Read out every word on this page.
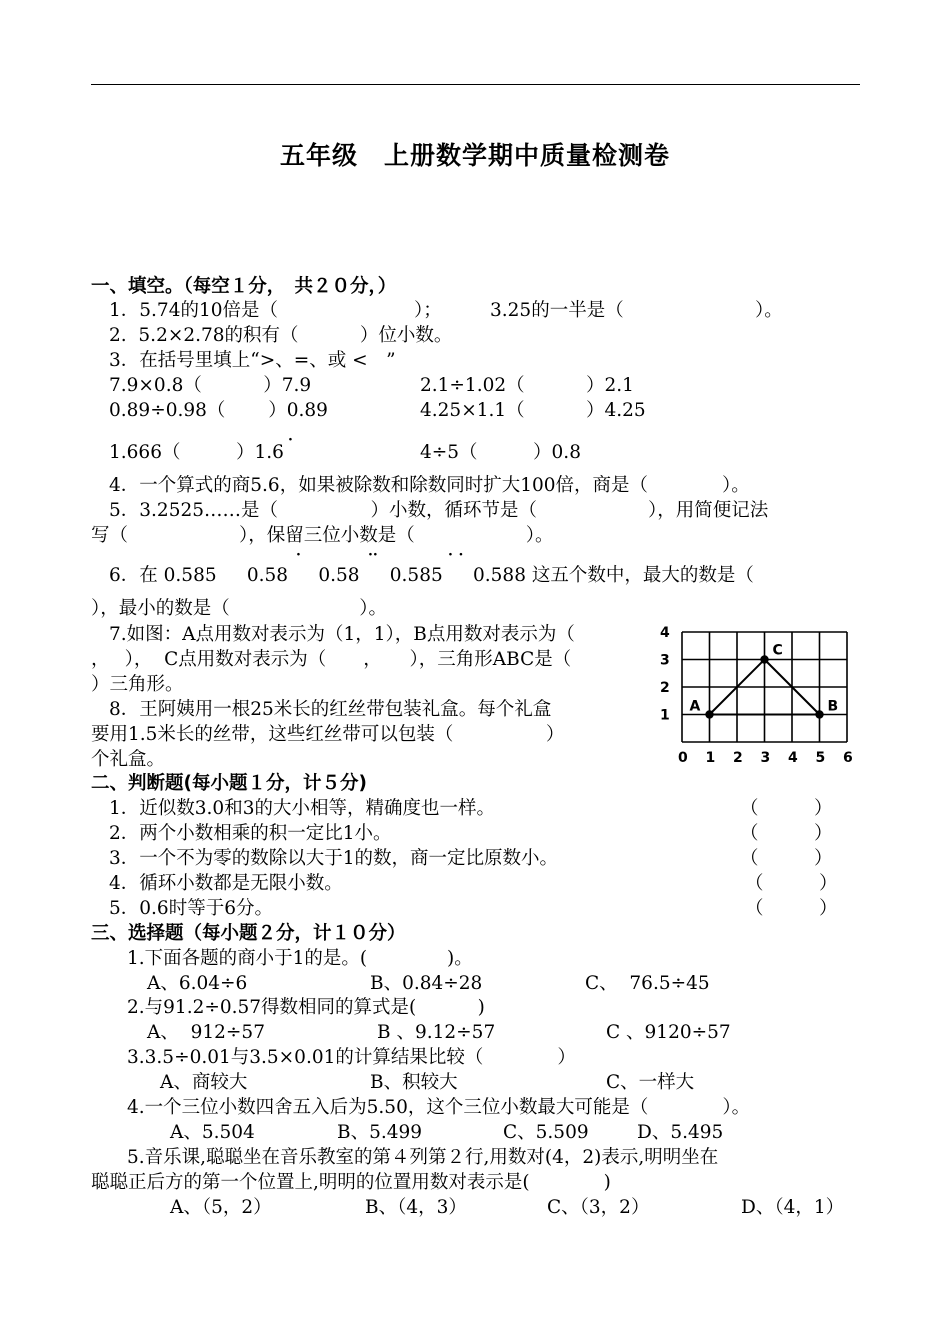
五年级　上册数学期中质量检测卷
一、填空。（每空１分，　共２０分，）
1．5.74的10倍是（	）；	3.25的一半是（	）。
2.  5.2×2.78的积有（　　　 ）位小数。
3．在括号里填上“>、=、或 <　”
7.9×0.8（　　　 ）7.9	2.1÷1.02（　　　 ）2.1
0.89÷0.98（　　 ）0.89	4.25×1.1（　　　 ）4.25
·
1.666（　　　）1.6	4÷5（　　　）0.8
4．一个算式的商5.6，如果被除数和除数同时扩大100倍，商是（　　　　）。
5．3.2525……是（　　　　　）小数，循环节是（　　　　　　），用简便记法
写（　　　　　　），保留三位小数是（　　　　　　）。
·	··	·  ·
6．在 0.585　  0.58　  0.58　  0.585　  0.588 这五个数中，最大的数是（
），最小的数是（　　　　　　　）。
7.如图：A点用数对表示为（1，1），B点用数对表示为（
，　 ），  C点用数对表示为（　　，　　），三角形ABC是（
）三角形。
8．王阿姨用一根25米长的红丝带包装礼盒。每个礼盒
要用1.5米长的丝带，这些红丝带可以包装（　　　　　）
个礼盒。
A	B
C
0 1 2 3 4 5 6
1
2
3
4
二、判断题(每小题１分，计５分)
1．近似数3.0和3的大小相等，精确度也一样。	（　　　）
2．两个小数相乘的积一定比1小。	（　　　）
3．一个不为零的数除以大于1的数，商一定比原数小。	（　　　）
4．循环小数都是无限小数。	（　　　）
5．0.6时等于6分。	（　　　）
三、选择题（每小题２分，计１０分）
1.下面各题的商小于1的是。(　　　　 )。
A、6.04÷6	B、0.84÷28	C、  76.5÷45
2.与91.2÷0.57得数相同的算式是(　　　 )
A、  912÷57	B 、9.12÷57	C 、9120÷57
3.3.5÷0.01与3.5×0.01的计算结果比较（　　　　）
A、商较大	B、积较大	C、一样大
4.一个三位小数四舍五入后为5.50，这个三位小数最大可能是（　　　　）。
A、5.504	B、5.499	C、5.509	D、5.495
5.音乐课,聪聪坐在音乐教室的第４列第２行,用数对(4，2)表示,明明坐在
聪聪正后方的第一个位置上,明明的位置用数对表示是(　　　　)
A、（5，2）	B、（4，3）	C、（3，2）	D、（4，1）
